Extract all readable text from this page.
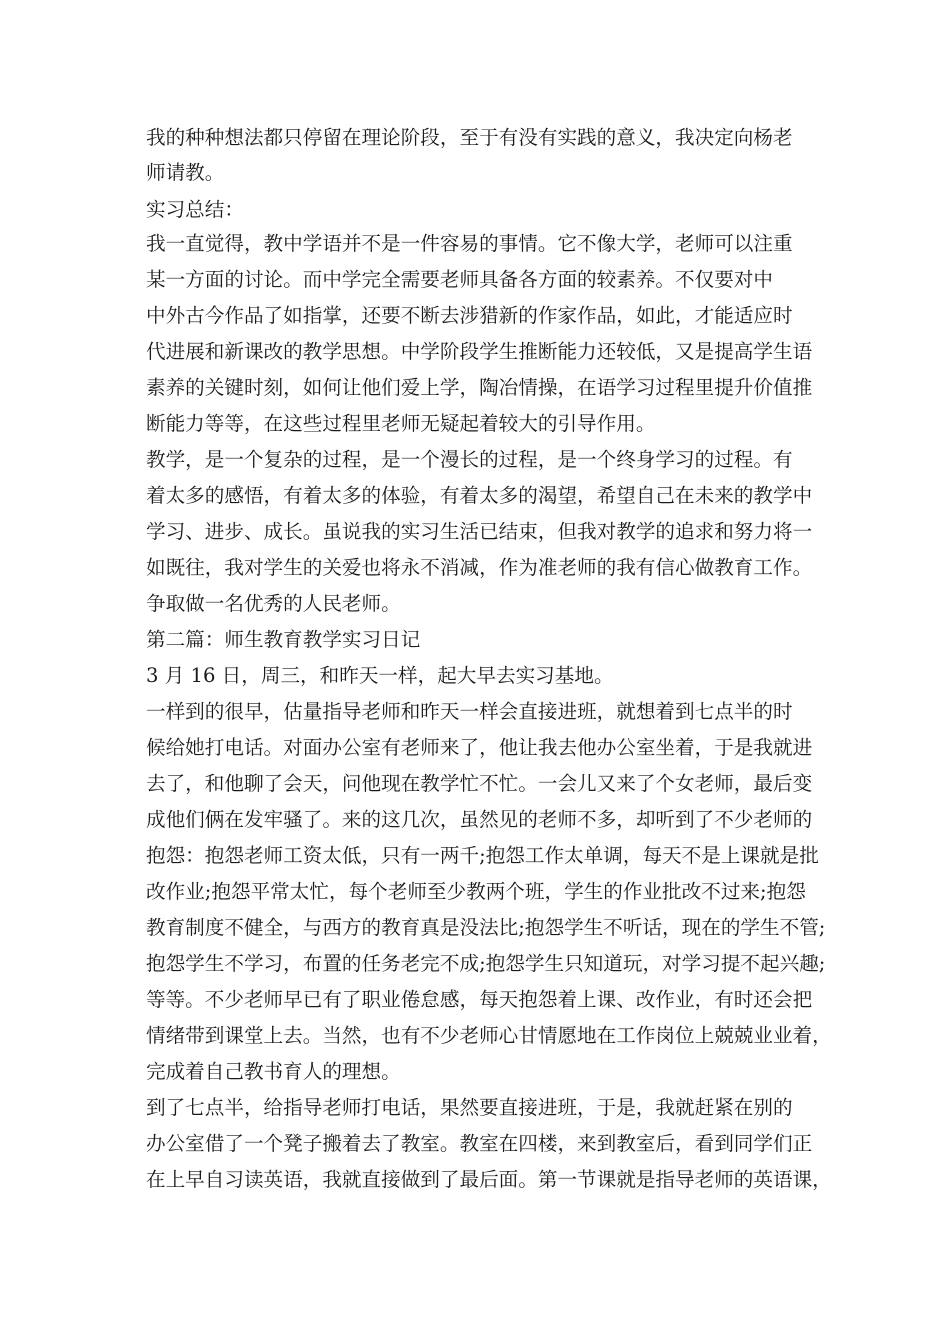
我的种种想法都只停留在理论阶段，至于有没有实践的意义，我决定向杨老

师请教。

实习总结：

我一直觉得，教中学语并不是一件容易的事情。它不像大学，老师可以注重

某一方面的讨论。而中学完全需要老师具备各方面的较素养。不仅要对中

中外古今作品了如指掌，还要不断去涉猎新的作家作品，如此，才能适应时

代进展和新课改的教学思想。中学阶段学生推断能力还较低，又是提高学生语

素养的关键时刻，如何让他们爱上学，陶冶情操，在语学习过程里提升价值推

断能力等等，在这些过程里老师无疑起着较大的引导作用。

教学，是一个复杂的过程，是一个漫长的过程，是一个终身学习的过程。有

着太多的感悟，有着太多的体验，有着太多的渴望，希望自己在未来的教学中

学习、进步、成长。虽说我的实习生活已结束，但我对教学的追求和努力将一

如既往，我对学生的关爱也将永不消减，作为准老师的我有信心做教育工作。

争取做一名优秀的人民老师。

第二篇：师生教育教学实习日记

3 月 16 日，周三，和昨天一样，起大早去实习基地。

一样到的很早，估量指导老师和昨天一样会直接进班，就想着到七点半的时

候给她打电话。对面办公室有老师来了，他让我去他办公室坐着，于是我就进

去了，和他聊了会天，问他现在教学忙不忙。一会儿又来了个女老师，最后变

成他们俩在发牢骚了。来的这几次，虽然见的老师不多，却听到了不少老师的

抱怨：抱怨老师工资太低，只有一两千;抱怨工作太单调，每天不是上课就是批

改作业;抱怨平常太忙，每个老师至少教两个班，学生的作业批改不过来;抱怨

教育制度不健全，与西方的教育真是没法比;抱怨学生不听话，现在的学生不管;

抱怨学生不学习，布置的任务老完不成;抱怨学生只知道玩，对学习提不起兴趣;

等等。不少老师早已有了职业倦怠感，每天抱怨着上课、改作业，有时还会把

情绪带到课堂上去。当然，也有不少老师心甘情愿地在工作岗位上兢兢业业着，

完成着自己教书育人的理想。

到了七点半，给指导老师打电话，果然要直接进班，于是，我就赶紧在别的

办公室借了一个凳子搬着去了教室。教室在四楼，来到教室后，看到同学们正

在上早自习读英语，我就直接做到了最后面。第一节课就是指导老师的英语课，
